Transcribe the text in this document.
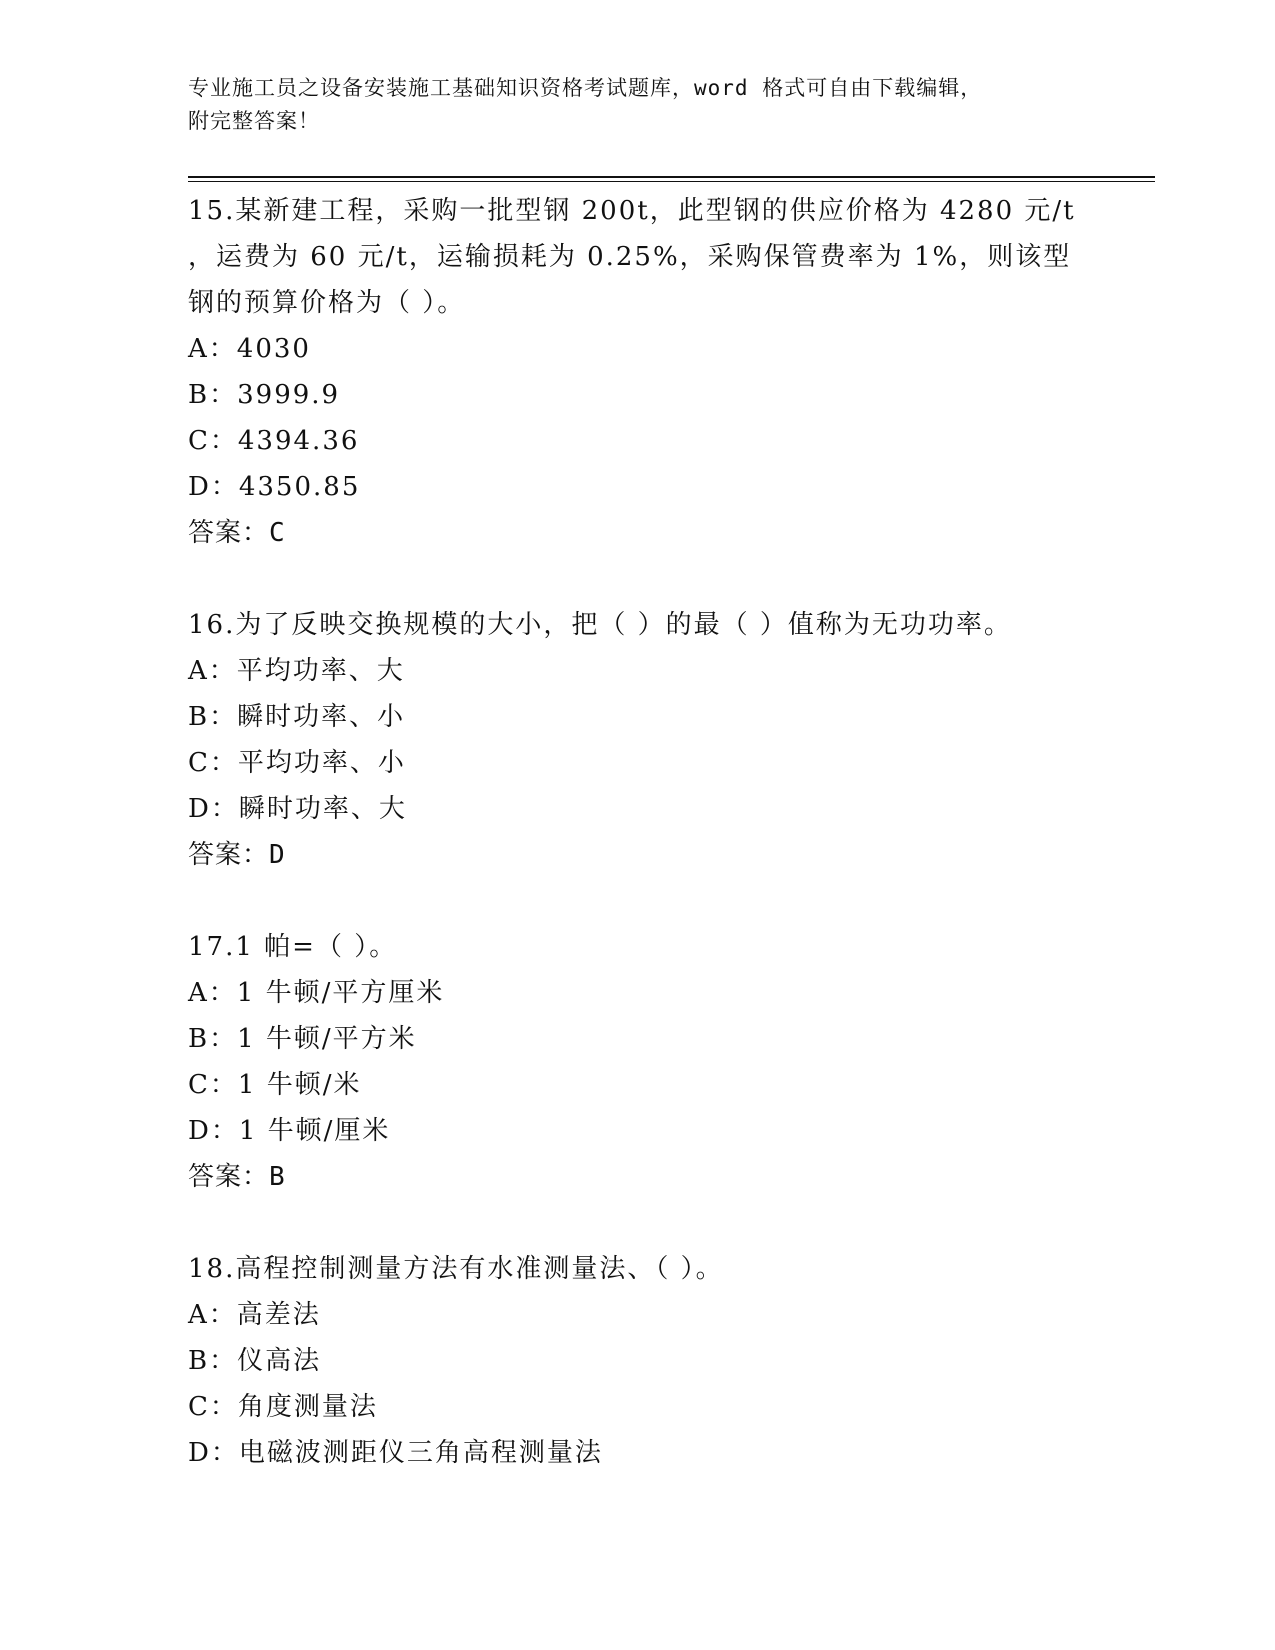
专业施工员之设备安装施工基础知识资格考试题库，word 格式可自由下载编辑，
附完整答案！
15.某新建工程，采购一批型钢 200t，此型钢的供应价格为 4280 元/t
，运费为 60 元/t，运输损耗为 0.25%，采购保管费率为 1%，则该型
钢的预算价格为（ ）。
A：4030
B：3999.9
C：4394.36
D：4350.85
答案：C
16.为了反映交换规模的大小，把（ ）的最（ ）值称为无功功率。
A：平均功率、大
B：瞬时功率、小
C：平均功率、小
D：瞬时功率、大
答案：D
17.1 帕=（ ）。
A：1 牛顿/平方厘米
B：1 牛顿/平方米
C：1 牛顿/米
D：1 牛顿/厘米
答案：B
18.高程控制测量方法有水准测量法、（ ）。
A：高差法
B：仪高法
C：角度测量法
D：电磁波测距仪三角高程测量法
